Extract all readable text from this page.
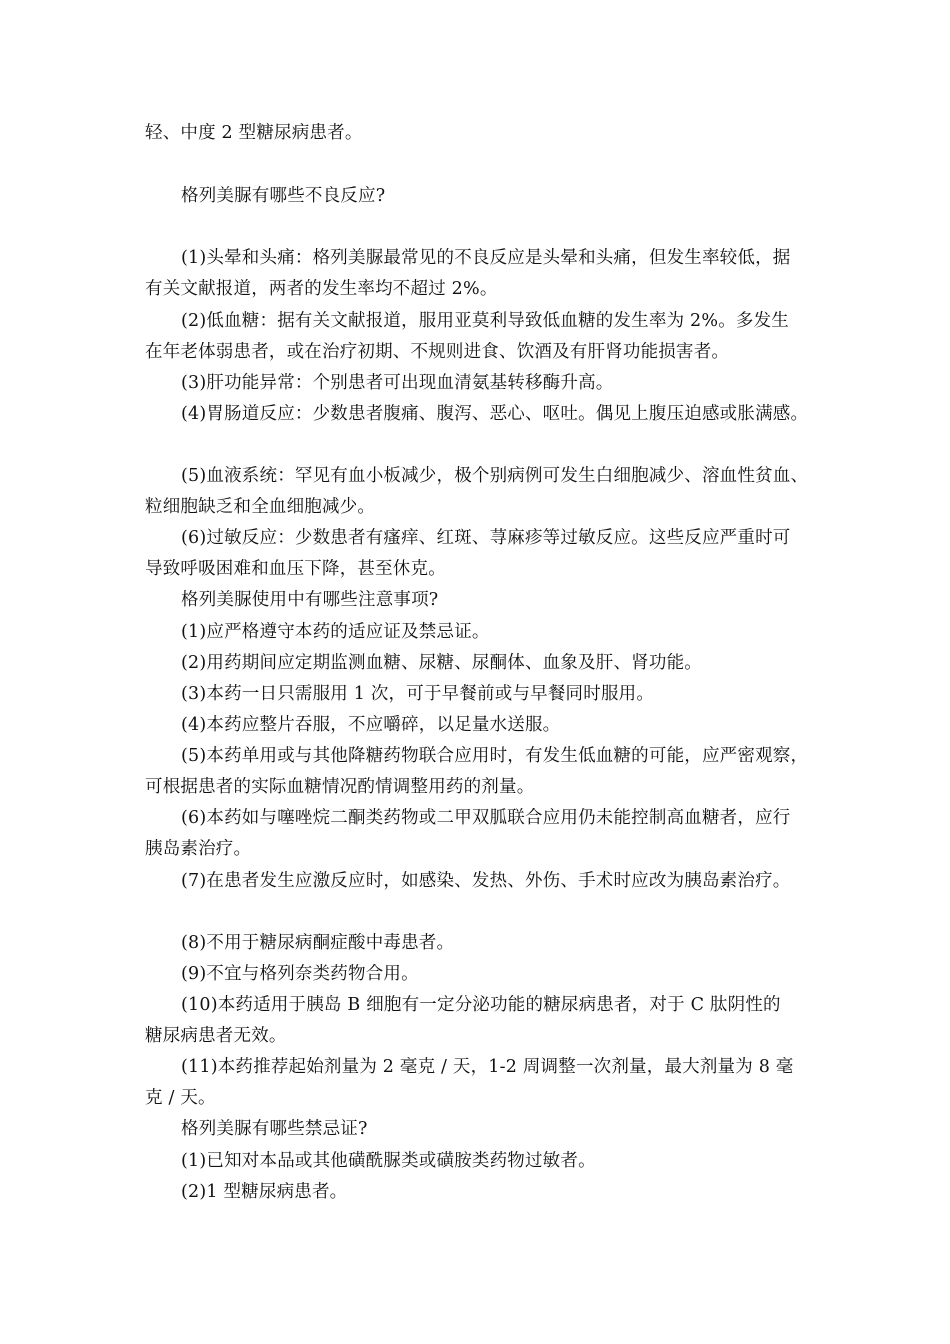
轻、中度 2 型糖尿病患者。
格列美脲有哪些不良反应?
(1)头晕和头痛：格列美脲最常见的不良反应是头晕和头痛，但发生率较低，据
有关文献报道，两者的发生率均不超过 2%。
(2)低血糖：据有关文献报道，服用亚莫利导致低血糖的发生率为 2%。多发生
在年老体弱患者，或在治疗初期、不规则进食、饮酒及有肝肾功能损害者。
(3)肝功能异常：个别患者可出现血清氨基转移酶升高。
(4)胃肠道反应：少数患者腹痛、腹泻、恶心、呕吐。偶见上腹压迫感或胀满感。
(5)血液系统：罕见有血小板减少，极个别病例可发生白细胞减少、溶血性贫血、
粒细胞缺乏和全血细胞减少。
(6)过敏反应：少数患者有瘙痒、红斑、荨麻疹等过敏反应。这些反应严重时可
导致呼吸困难和血压下降，甚至休克。
格列美脲使用中有哪些注意事项?
(1)应严格遵守本药的适应证及禁忌证。
(2)用药期间应定期监测血糖、尿糖、尿酮体、血象及肝、肾功能。
(3)本药一日只需服用 1 次，可于早餐前或与早餐同时服用。
(4)本药应整片吞服，不应嚼碎，以足量水送服。
(5)本药单用或与其他降糖药物联合应用时，有发生低血糖的可能，应严密观察，
可根据患者的实际血糖情况酌情调整用药的剂量。
(6)本药如与噻唑烷二酮类药物或二甲双胍联合应用仍未能控制高血糖者，应行
胰岛素治疗。
(7)在患者发生应激反应时，如感染、发热、外伤、手术时应改为胰岛素治疗。
(8)不用于糖尿病酮症酸中毒患者。
(9)不宜与格列奈类药物合用。
(10)本药适用于胰岛 B 细胞有一定分泌功能的糖尿病患者，对于 C 肽阴性的
糖尿病患者无效。
(11)本药推荐起始剂量为 2 毫克 / 天，1-2 周调整一次剂量，最大剂量为 8 毫
克 / 天。
格列美脲有哪些禁忌证?
(1)已知对本品或其他磺酰脲类或磺胺类药物过敏者。
(2)1 型糖尿病患者。
